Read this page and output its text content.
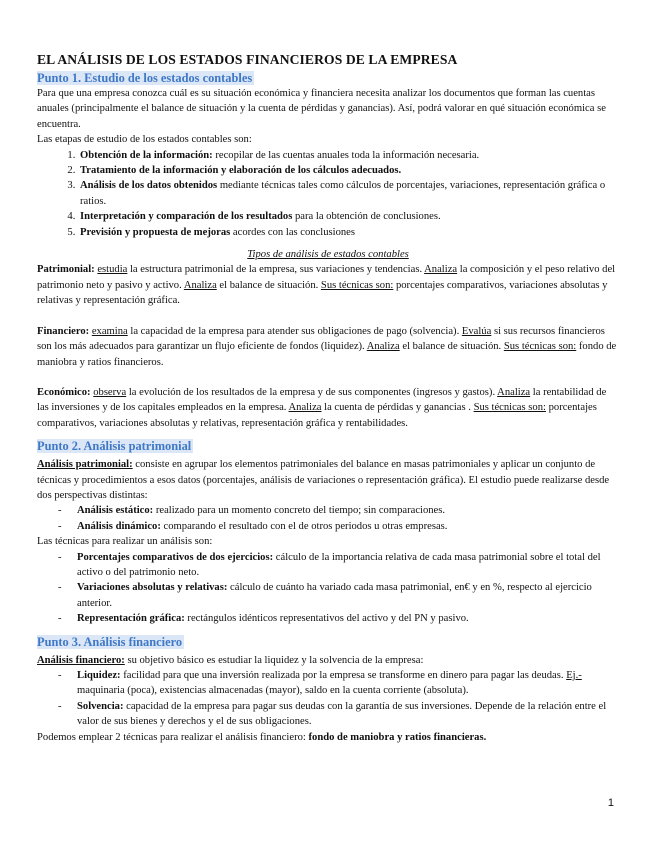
EL ANÁLISIS DE LOS ESTADOS FINANCIEROS DE LA EMPRESA
Punto 1. Estudio de los estados contables

Para que una empresa conozca cuál es su situación económica y financiera necesita analizar los documentos que forman las cuentas anuales (principalmente el balance de situación y la cuenta de pérdidas y ganancias). Así, podrá valorar en qué situación económica se encuentra.

Las etapas de estudio de los estados contables son:

1. Obtención de la información: recopilar de las cuentas anuales toda la información necesaria.
2. Tratamiento de la información y elaboración de los cálculos adecuados.
3. Análisis de los datos obtenidos mediante técnicas tales como cálculos de porcentajes, variaciones, representación gráfica o ratios.
4. Interpretación y comparación de los resultados para la obtención de conclusiones.
5. Previsión y propuesta de mejoras acordes con las conclusiones

Tipos de análisis de estados contables

Patrimonial: estudia la estructura patrimonial de la empresa, sus variaciones y tendencias. Analiza la composición y el peso relativo del patrimonio neto y pasivo y activo. Analiza el balance de situación. Sus técnicas son: porcentajes comparativos, variaciones absolutas y relativas y representación gráfica.

Financiero: examina la capacidad de la empresa para atender sus obligaciones de pago (solvencia). Evalúa si sus recursos financieros son los más adecuados para garantizar un flujo eficiente de fondos (liquidez). Analiza el balance de situación. Sus técnicas son: fondo de maniobra y ratios financieros.

Económico: observa la evolución de los resultados de la empresa y de sus componentes (ingresos y gastos). Analiza la rentabilidad de las inversiones y de los capitales empleados en la empresa. Analiza la cuenta de pérdidas y ganancias . Sus técnicas son: porcentajes comparativos, variaciones absolutas y relativas, representación gráfica y rentabilidades.

Punto 2. Análisis patrimonial

Análisis patrimonial: consiste en agrupar los elementos patrimoniales del balance en masas patrimoniales y aplicar un conjunto de técnicas y procedimientos a esos datos (porcentajes, análisis de variaciones o representación gráfica). El estudio puede realizarse desde dos perspectivas distintas:

- Análisis estático: realizado para un momento concreto del tiempo; sin comparaciones.
- Análisis dinámico: comparando el resultado con el de otros periodos u otras empresas.

Las técnicas para realizar un análisis son:

- Porcentajes comparativos de dos ejercicios: cálculo de la importancia relativa de cada masa patrimonial sobre el total del activo o del patrimonio neto.
- Variaciones absolutas y relativas: cálculo de cuánto ha variado cada masa patrimonial, en€ y en %, respecto al ejercicio anterior.
- Representación gráfica: rectángulos idénticos representativos del activo y del PN y pasivo.
Punto 3. Análisis financiero

Análisis financiero: su objetivo básico es estudiar la liquidez y la solvencia de la empresa:

- Liquidez: facilidad para que una inversión realizada por la empresa se transforme en dinero para pagar las deudas. Ej.- maquinaria (poca), existencias almacenadas (mayor), saldo en la cuenta corriente (absoluta).
- Solvencia: capacidad de la empresa para pagar sus deudas con la garantía de sus inversiones. Depende de la relación entre el valor de sus bienes y derechos y el de sus obligaciones.

Podemos emplear 2 técnicas para realizar el análisis financiero: fondo de maniobra y ratios financieras.

1
